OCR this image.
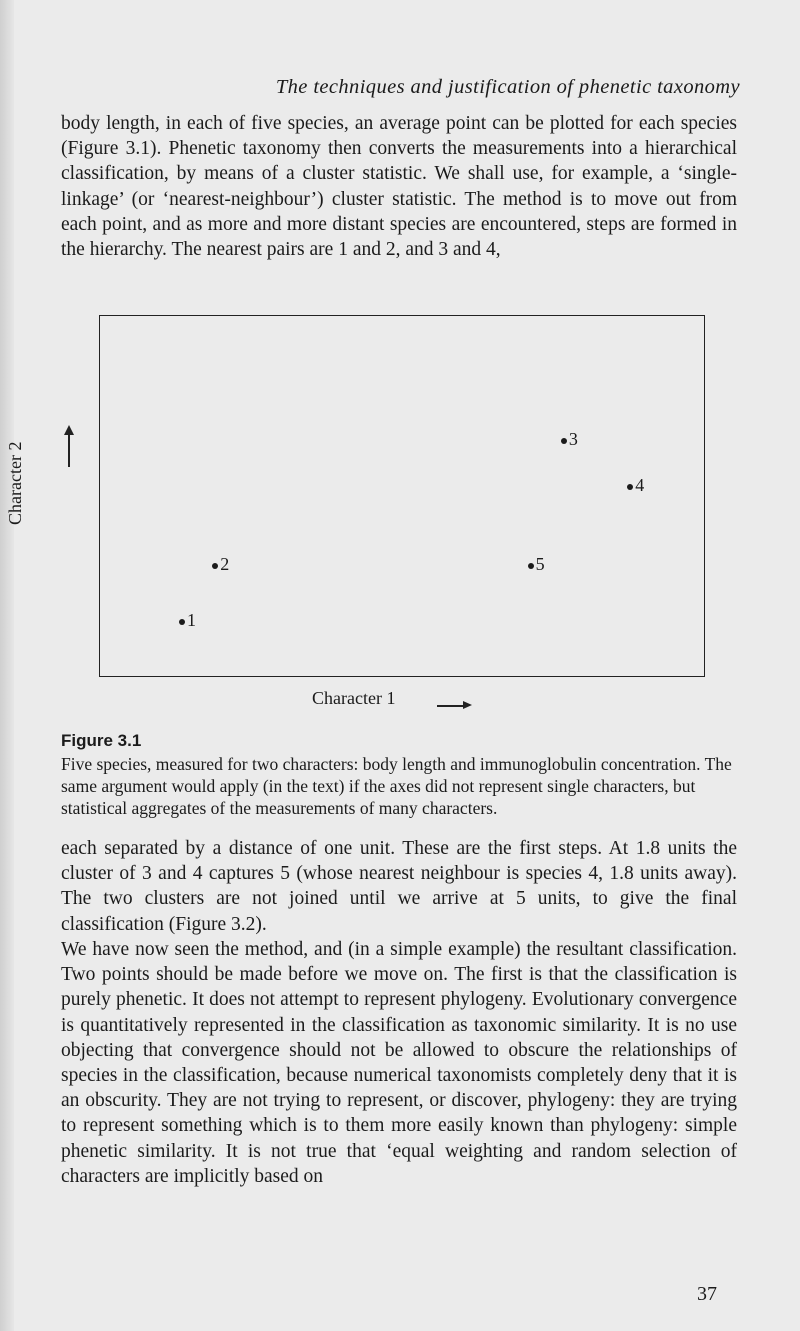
The techniques and justification of phenetic taxonomy

body length, in each of five species, an average point can be plotted for each species (Figure 3.1). Phenetic taxonomy then converts the measurements into a hierarchical classification, by means of a cluster statistic. We shall use, for example, a ‘single-linkage’ (or ‘nearest-neighbour’) cluster statistic. The method is to move out from each point, and as more and more distant species are encountered, steps are formed in the hierarchy. The nearest pairs are 1 and 2, and 3 and 4,

1
2
3
4
5
Character 2
Character 1
Figure 3.1

Five species, measured for two characters: body length and immunoglobulin concentration. The same argument would apply (in the text) if the axes did not represent single characters, but statistical aggregates of the measurements of many characters.

each separated by a distance of one unit. These are the first steps. At 1.8 units the cluster of 3 and 4 captures 5 (whose nearest neighbour is species 4, 1.8 units away). The two clusters are not joined until we arrive at 5 units, to give the final classification (Figure 3.2).

We have now seen the method, and (in a simple example) the resultant classification. Two points should be made before we move on. The first is that the classification is purely phenetic. It does not attempt to represent phylogeny. Evolutionary convergence is quantitatively represented in the classification as taxonomic similarity. It is no use objecting that convergence should not be allowed to obscure the relationships of species in the classification, because numerical taxonomists completely deny that it is an obscurity. They are not trying to represent, or discover, phylogeny: they are trying to represent something which is to them more easily known than phylogeny: simple phenetic similarity. It is not true that ‘equal weighting and random selection of characters are implicitly based on

37
